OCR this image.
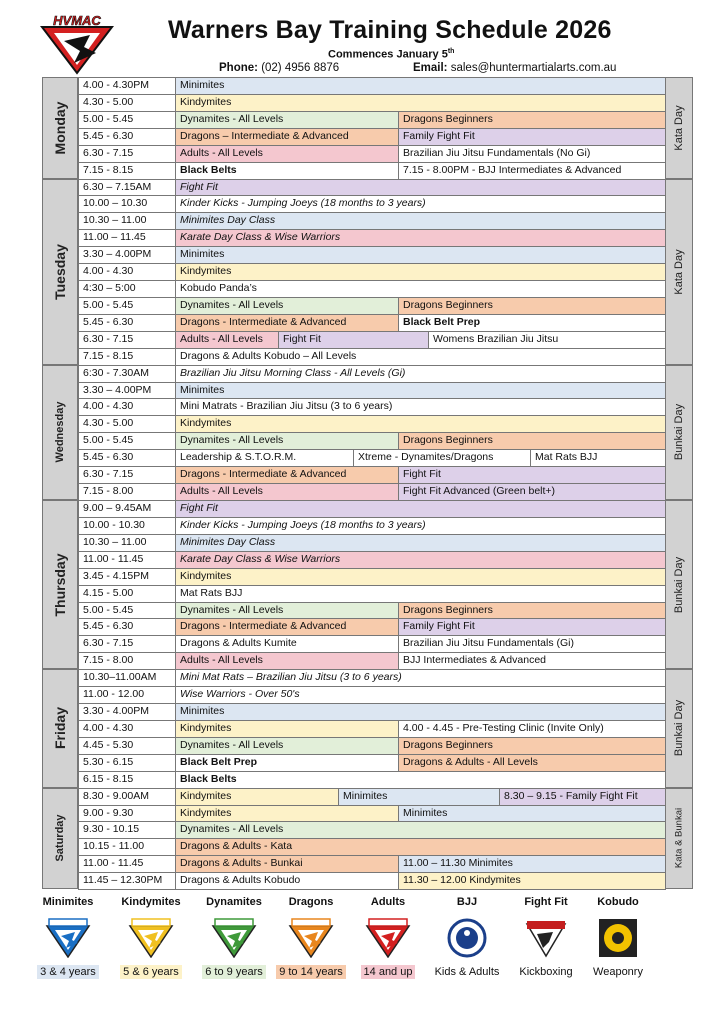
HVMAC	Warners Bay Training Schedule 2026
Commences January 5th
Phone: (02) 4956 8876	Email: sales@huntermartialarts.com.au
Monday	Kata Day
4.00 - 4.30PM	Minimites
4.30 - 5.00	Kindymites
5.00 - 5.45	Dynamites - All Levels	Dragons Beginners
5.45 - 6.30	Dragons – Intermediate & Advanced	Family Fight Fit
6.30 - 7.15	Adults - All Levels	Brazilian Jiu Jitsu Fundamentals (No Gi)
7.15 - 8.15	Black Belts	7.15 - 8.00PM - BJJ Intermediates & Advanced
Tuesday	Kata Day
6.30 – 7.15AM	Fight Fit
10.00 – 10.30	Kinder Kicks - Jumping Joeys (18 months to 3 years)
10.30 – 11.00	Minimites Day Class
11.00 – 11.45	Karate Day Class & Wise Warriors
3.30 – 4.00PM	Minimites
4.00 - 4.30	Kindymites
4:30 – 5:00	Kobudo Panda’s
5.00 - 5.45	Dynamites - All Levels	Dragons Beginners
5.45 - 6.30	Dragons - Intermediate & Advanced	Black Belt Prep
6.30 - 7.15	Adults - All Levels	Fight Fit	Womens Brazilian Jiu Jitsu
7.15 - 8.15	Dragons & Adults Kobudo – All Levels
Wednesday	Bunkai Day
6:30 - 7.30AM	Brazilian Jiu Jitsu Morning Class - All Levels (Gi)
3.30 – 4.00PM	Minimites
4.00 - 4.30	Mini Matrats - Brazilian Jiu Jitsu (3 to 6 years)
4.30 - 5.00	Kindymites
5.00 - 5.45	Dynamites - All Levels	Dragons Beginners
5.45 - 6.30	Leadership & S.T.O.R.M.	Xtreme - Dynamites/Dragons	Mat Rats BJJ
6.30 - 7.15	Dragons - Intermediate & Advanced	Fight Fit
7.15 - 8.00	Adults - All Levels	Fight Fit Advanced (Green belt+)
Thursday	Bunkai Day
9.00 – 9.45AM	Fight Fit
10.00 - 10.30	Kinder Kicks - Jumping Joeys (18 months to 3 years)
10.30 – 11.00	Minimites Day Class
11.00 - 11.45	Karate Day Class & Wise Warriors
3.45 - 4.15PM	Kindymites
4.15 - 5.00	Mat Rats BJJ
5.00 - 5.45	Dynamites - All Levels	Dragons Beginners
5.45 - 6.30	Dragons - Intermediate & Advanced	Family Fight Fit
6.30 - 7.15	Dragons & Adults Kumite	Brazilian Jiu Jitsu Fundamentals (Gi)
7.15 - 8.00	Adults - All Levels	BJJ Intermediates & Advanced
Friday	Bunkai Day
10.30–11.00AM	Mini Mat Rats – Brazilian Jiu Jitsu (3 to 6 years)
11.00 - 12.00	Wise Warriors - Over 50's
3.30 - 4.00PM	Minimites
4.00 - 4.30	Kindymites	4.00 - 4.45 - Pre-Testing Clinic (Invite Only)
4.45 - 5.30	Dynamites - All Levels	Dragons Beginners
5.30 - 6.15	Black Belt Prep	Dragons & Adults - All Levels
6.15 - 8.15	Black Belts
Saturday	Kata & Bunkai
8.30 - 9.00AM	Kindymites	Minimites	8.30 – 9.15 - Family Fight Fit
9.00 - 9.30	Kindymites	Minimites
9.30 - 10.15	Dynamites - All Levels
10.15 - 11.00	Dragons & Adults - Kata
11.00 - 11.45	Dragons & Adults - Bunkai	11.00 – 11.30 Minimites
11.45 – 12.30PM	Dragons & Adults Kobudo	11.30 – 12.00 Kindymites
Minimites
3 & 4 years
Kindymites
5 & 6 years
Dynamites
6 to 9 years
Dragons
9 to 14 years
Adults
14 and up
BJJ
Kids & Adults
Fight Fit
Kickboxing
Kobudo
Weaponry
